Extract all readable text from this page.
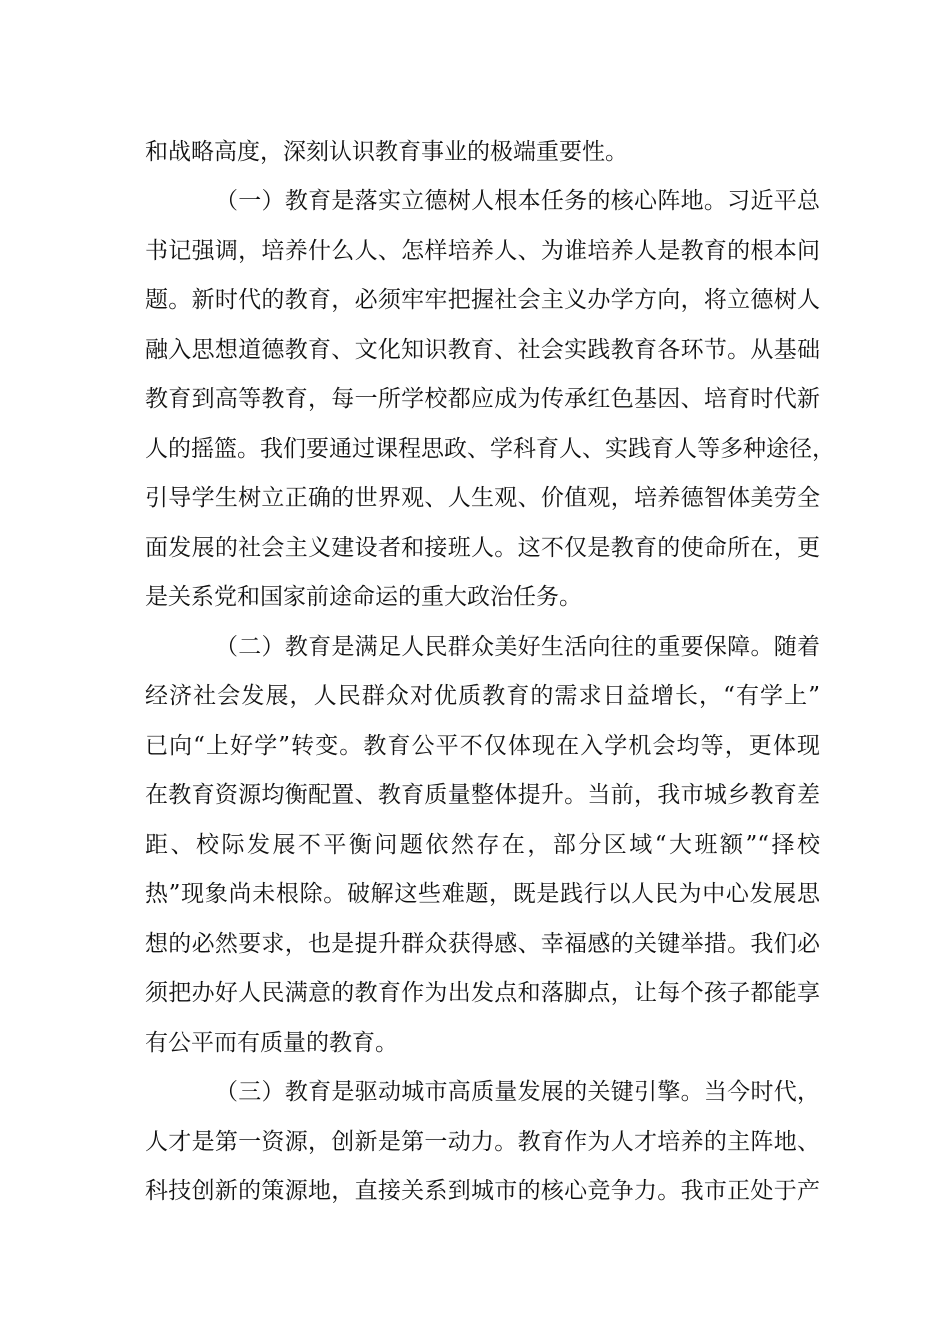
和战略高度，深刻认识教育事业的极端重要性。
（一）教育是落实立德树人根本任务的核心阵地。习近平总
书记强调，培养什么人、怎样培养人、为谁培养人是教育的根本问
题。新时代的教育，必须牢牢把握社会主义办学方向，将立德树人
融入思想道德教育、文化知识教育、社会实践教育各环节。从基础
教育到高等教育，每一所学校都应成为传承红色基因、培育时代新
人的摇篮。我们要通过课程思政、学科育人、实践育人等多种途径，
引导学生树立正确的世界观、人生观、价值观，培养德智体美劳全
面发展的社会主义建设者和接班人。这不仅是教育的使命所在，更
是关系党和国家前途命运的重大政治任务。
（二）教育是满足人民群众美好生活向往的重要保障。随着
经济社会发展，人民群众对优质教育的需求日益增长，“有学上”
已向“上好学”转变。教育公平不仅体现在入学机会均等，更体现
在教育资源均衡配置、教育质量整体提升。当前，我市城乡教育差
距、校际发展不平衡问题依然存在，部分区域“大班额”“择校
热”现象尚未根除。破解这些难题，既是践行以人民为中心发展思
想的必然要求，也是提升群众获得感、幸福感的关键举措。我们必
须把办好人民满意的教育作为出发点和落脚点，让每个孩子都能享
有公平而有质量的教育。
（三）教育是驱动城市高质量发展的关键引擎。当今时代，
人才是第一资源，创新是第一动力。教育作为人才培养的主阵地、
科技创新的策源地，直接关系到城市的核心竞争力。我市正处于产
